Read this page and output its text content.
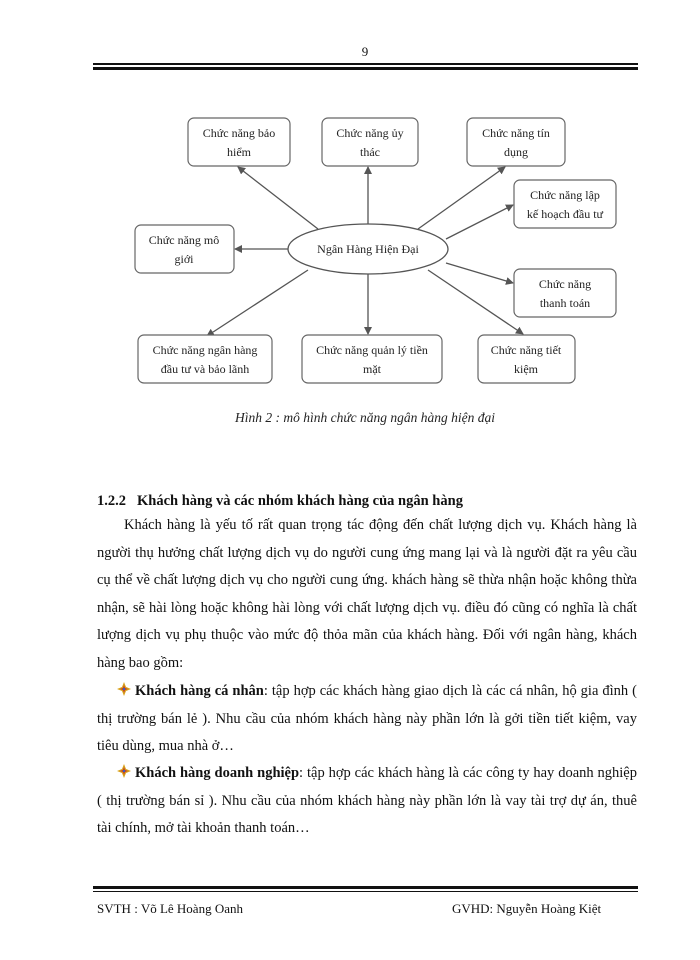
9
Ngân Hàng Hiện Đại
Chức năng bảo
hiểm
Chức năng ủy
thác
Chức năng tín
dụng
Chức năng lập
kế hoạch đầu tư
Chức năng mô
giới
Chức năng
thanh toán
Chức năng ngân hàng
đầu tư và bảo lãnh
Chức năng quản lý tiền
mặt
Chức năng tiết
kiệm
Hình 2 : mô hình chức năng ngân hàng hiện đại
1.2.2 Khách hàng và các nhóm khách hàng của ngân hàng
Khách hàng là yếu tố rất quan trọng tác động đến chất lượng dịch vụ. Khách hàng là người thụ hưởng chất lượng dịch vụ do người cung ứng mang lại và là người đặt ra yêu cầu cụ thể về chất lượng dịch vụ cho người cung ứng. khách hàng sẽ thừa nhận hoặc không thừa nhận, sẽ hài lòng hoặc không hài lòng với chất lượng dịch vụ. điều đó cũng có nghĩa là chất lượng dịch vụ phụ thuộc vào mức độ thỏa mãn của khách hàng. Đối với ngân hàng, khách hàng bao gồm:
Khách hàng cá nhân: tập hợp các khách hàng giao dịch là các cá nhân, hộ gia đình ( thị trường bán lẻ ). Nhu cầu của nhóm khách hàng này phần lớn là gởi tiền tiết kiệm, vay tiêu dùng, mua nhà ở…
Khách hàng doanh nghiệp: tập hợp các khách hàng là các công ty hay doanh nghiệp ( thị trường bán sỉ ). Nhu cầu của nhóm khách hàng này phần lớn là vay tài trợ dự án, thuê tài chính, mở tài khoản thanh toán…
SVTH : Võ Lê Hoàng Oanh	GVHD: Nguyễn Hoàng Kiệt
